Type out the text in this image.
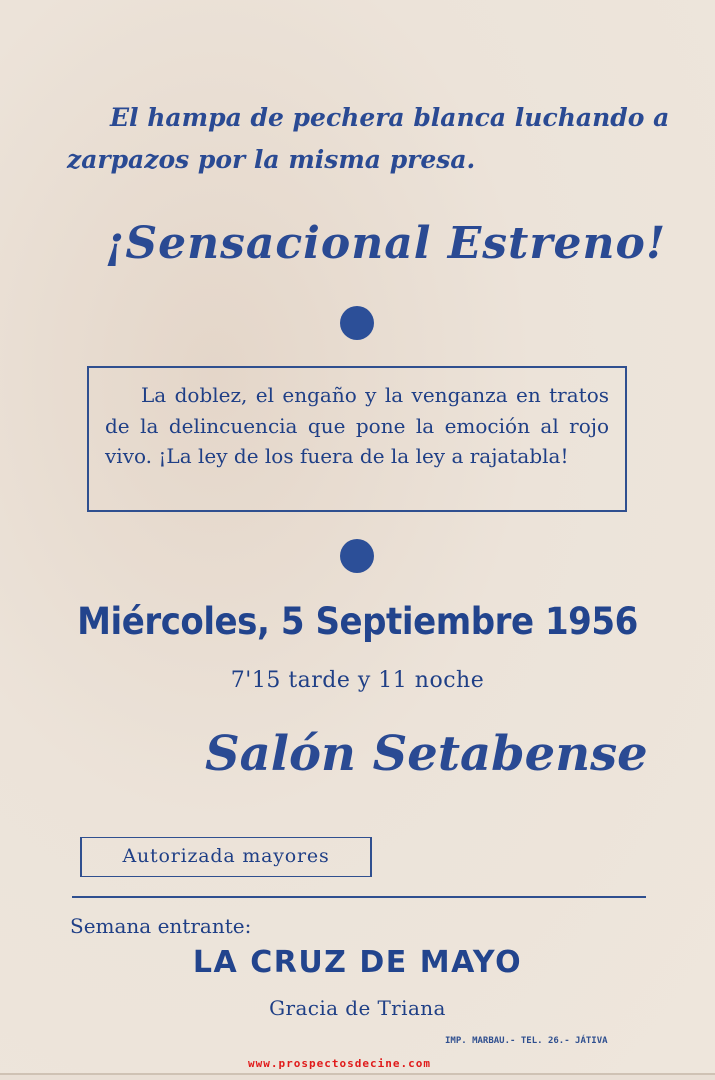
El hampa de pechera blanca luchando a
zarpazos por la misma presa.
¡Sensacional Estreno!

La doblez, el engaño y la venganza en tratos de la delincuencia que pone la emoción al rojo vivo. ¡La ley de los fuera de la ley a rajatabla!

Miércoles, 5 Septiembre 1956
7'15 tarde y 11 noche
Salón Setabense
Autorizada mayores
Semana entrante:
LA CRUZ DE MAYO
Gracia de Triana
IMP. MARBAU.- TEL. 26.- JÁTIVA
www.prospectosdecine.com
